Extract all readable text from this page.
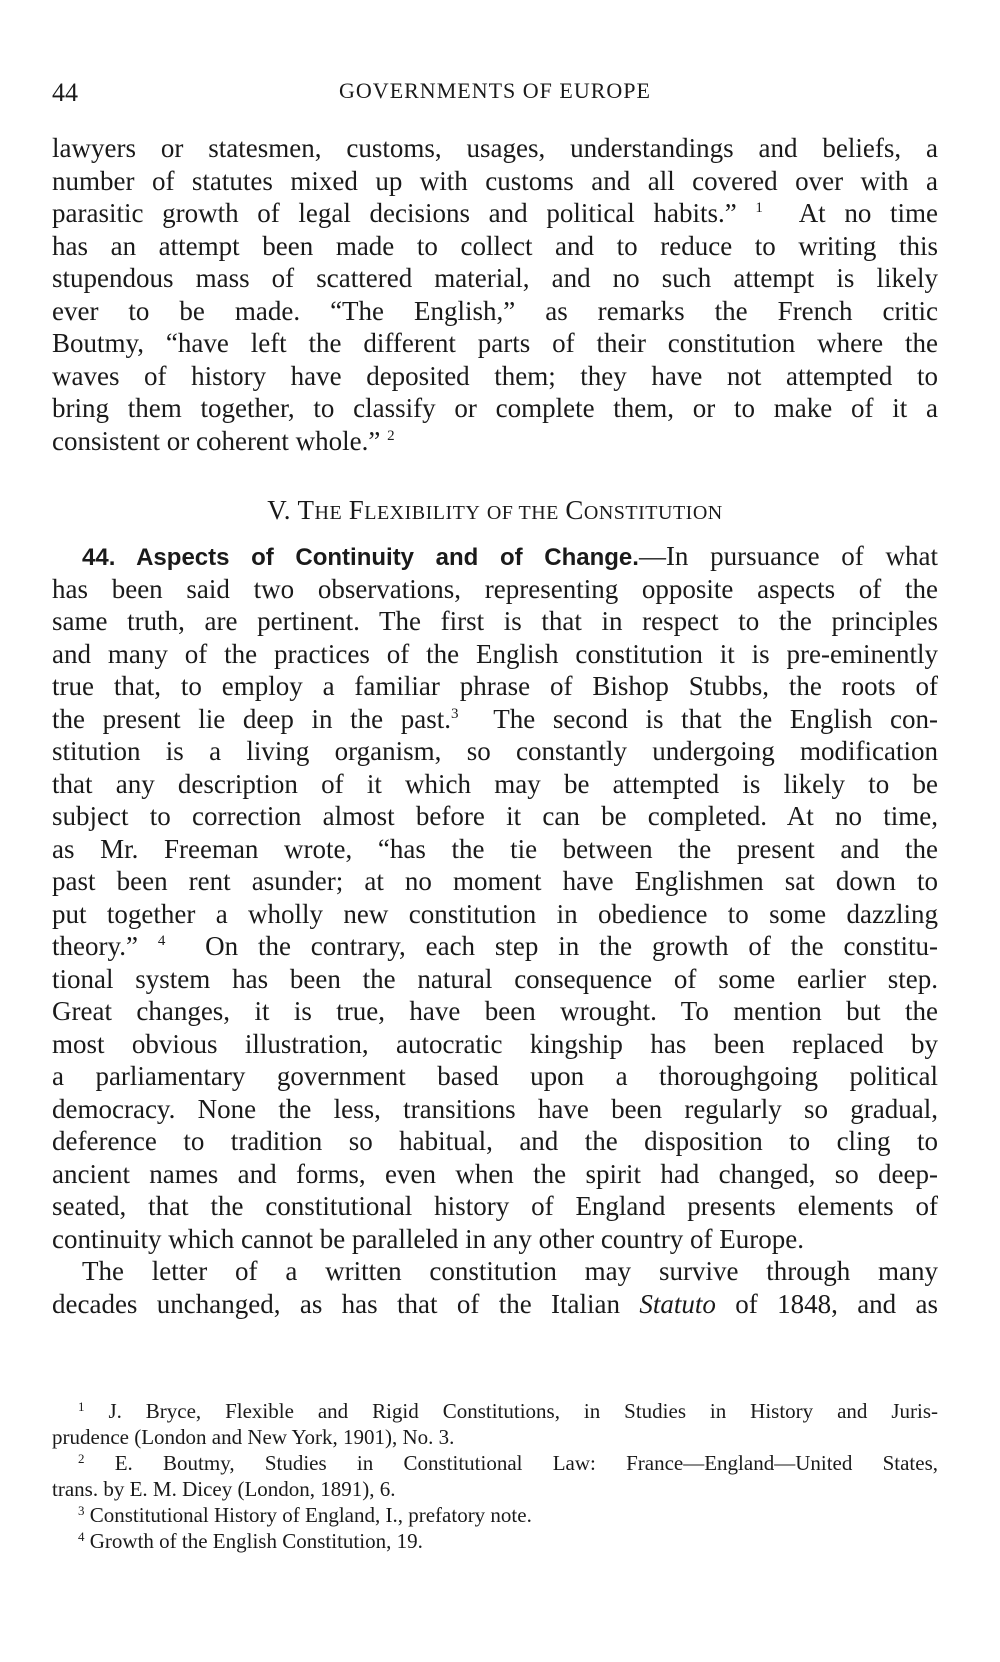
44	GOVERNMENTS OF EUROPE
lawyers or statesmen, customs, usages, understandings and beliefs, a
number of statutes mixed up with customs and all covered over with a
parasitic growth of legal decisions and political habits.” $^1$ At no time
has an attempt been made to collect and to reduce to writing this
stupendous mass of scattered material, and no such attempt is likely
ever to be made. “The English,” as remarks the French critic
Boutmy, “have left the different parts of their constitution where the
waves of history have deposited them; they have not attempted to
bring them together, to classify or complete them, or to make of it a
consistent or coherent whole.” $^2$
V. THE FLEXIBILITY OF THE CONSTITUTION
44. Aspects of Continuity and of Change.—In pursuance of what
has been said two observations, representing opposite aspects of the
same truth, are pertinent. The first is that in respect to the principles
and many of the practices of the English constitution it is pre-eminently
true that, to employ a familiar phrase of Bishop Stubbs, the roots of
the present lie deep in the past.$^3$ The second is that the English con-
stitution is a living organism, so constantly undergoing modification
that any description of it which may be attempted is likely to be
subject to correction almost before it can be completed. At no time,
as Mr. Freeman wrote, “has the tie between the present and the
past been rent asunder; at no moment have Englishmen sat down to
put together a wholly new constitution in obedience to some dazzling
theory.” $^4$ On the contrary, each step in the growth of the constitu-
tional system has been the natural consequence of some earlier step.
Great changes, it is true, have been wrought. To mention but the
most obvious illustration, autocratic kingship has been replaced by
a parliamentary government based upon a thoroughgoing political
democracy. None the less, transitions have been regularly so gradual,
deference to tradition so habitual, and the disposition to cling to
ancient names and forms, even when the spirit had changed, so deep-
seated, that the constitutional history of England presents elements of
continuity which cannot be paralleled in any other country of Europe.
The letter of a written constitution may survive through many
decades unchanged, as has that of the Italian Statuto of 1848, and as
$^1$ J. Bryce, Flexible and Rigid Constitutions, in Studies in History and Juris-
prudence (London and New York, 1901), No. 3.
$^2$ E. Boutmy, Studies in Constitutional Law: France—England—United States,
trans. by E. M. Dicey (London, 1891), 6.
$^3$ Constitutional History of England, I., prefatory note.
$^4$ Growth of the English Constitution, 19.
